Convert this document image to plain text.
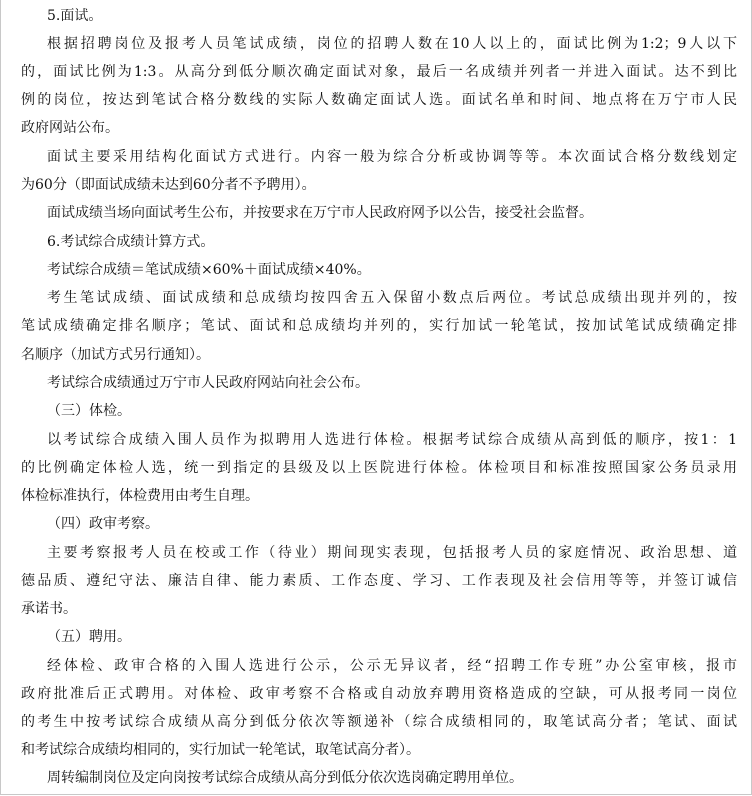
5.面试。
根据招聘岗位及报考人员笔试成绩，岗位的招聘人数在10人以上的，面试比例为1:2；9人以下
的，面试比例为1:3。从高分到低分顺次确定面试对象，最后一名成绩并列者一并进入面试。达不到比
例的岗位，按达到笔试合格分数线的实际人数确定面试人选。面试名单和时间、地点将在万宁市人民
政府网站公布。
面试主要采用结构化面试方式进行。内容一般为综合分析或协调等等。本次面试合格分数线划定
为60分（即面试成绩未达到60分者不予聘用）。
面试成绩当场向面试考生公布，并按要求在万宁市人民政府网予以公告，接受社会监督。
6.考试综合成绩计算方式。
考试综合成绩＝笔试成绩×60%＋面试成绩×40%。
考生笔试成绩、面试成绩和总成绩均按四舍五入保留小数点后两位。考试总成绩出现并列的，按
笔试成绩确定排名顺序；笔试、面试和总成绩均并列的，实行加试一轮笔试，按加试笔试成绩确定排
名顺序（加试方式另行通知）。
考试综合成绩通过万宁市人民政府网站向社会公布。
（三）体检。
以考试综合成绩入围人员作为拟聘用人选进行体检。根据考试综合成绩从高到低的顺序，按1：1
的比例确定体检人选，统一到指定的县级及以上医院进行体检。体检项目和标准按照国家公务员录用
体检标准执行，体检费用由考生自理。
（四）政审考察。
主要考察报考人员在校或工作（待业）期间现实表现，包括报考人员的家庭情况、政治思想、道
德品质、遵纪守法、廉洁自律、能力素质、工作态度、学习、工作表现及社会信用等等，并签订诚信
承诺书。
（五）聘用。
经体检、政审合格的入围人选进行公示，公示无异议者，经“招聘工作专班”办公室审核，报市
政府批准后正式聘用。对体检、政审考察不合格或自动放弃聘用资格造成的空缺，可从报考同一岗位
的考生中按考试综合成绩从高分到低分依次等额递补（综合成绩相同的，取笔试高分者；笔试、面试
和考试综合成绩均相同的，实行加试一轮笔试，取笔试高分者）。
周转编制岗位及定向岗按考试综合成绩从高分到低分依次选岗确定聘用单位。
